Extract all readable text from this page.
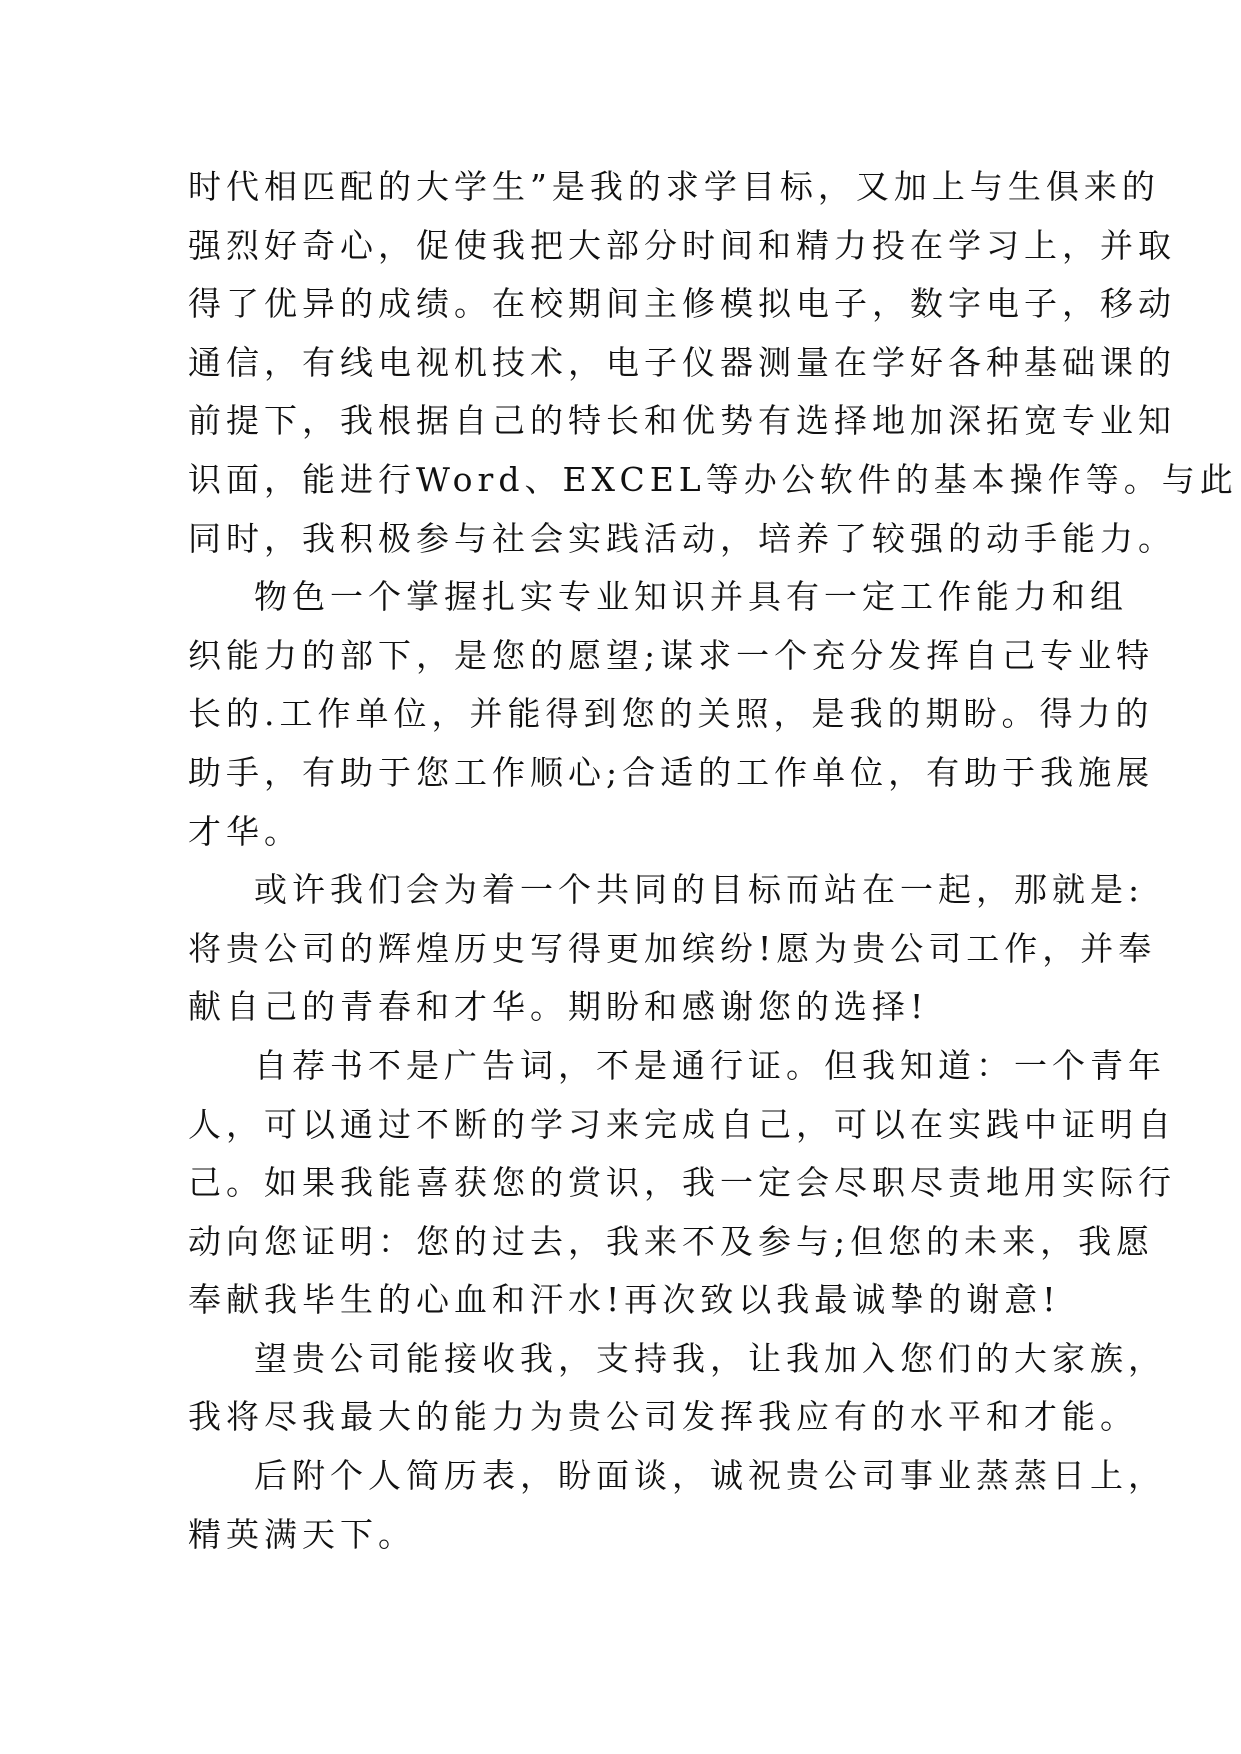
时代相匹配的大学生”是我的求学目标，又加上与生俱来的
强烈好奇心，促使我把大部分时间和精力投在学习上，并取
得了优异的成绩。在校期间主修模拟电子，数字电子，移动
通信，有线电视机技术，电子仪器测量在学好各种基础课的
前提下，我根据自己的特长和优势有选择地加深拓宽专业知
识面，能进行Word、EXCEL等办公软件的基本操作等。与此
同时，我积极参与社会实践活动，培养了较强的动手能力。
物色一个掌握扎实专业知识并具有一定工作能力和组
织能力的部下，是您的愿望;谋求一个充分发挥自己专业特
长的.工作单位，并能得到您的关照，是我的期盼。得力的
助手，有助于您工作顺心;合适的工作单位，有助于我施展
才华。
或许我们会为着一个共同的目标而站在一起，那就是:
将贵公司的辉煌历史写得更加缤纷!愿为贵公司工作，并奉
献自己的青春和才华。期盼和感谢您的选择!
自荐书不是广告词，不是通行证。但我知道：一个青年
人，可以通过不断的学习来完成自己，可以在实践中证明自
己。如果我能喜获您的赏识，我一定会尽职尽责地用实际行
动向您证明：您的过去，我来不及参与;但您的未来，我愿
奉献我毕生的心血和汗水!再次致以我最诚挚的谢意!
望贵公司能接收我，支持我，让我加入您们的大家族，
我将尽我最大的能力为贵公司发挥我应有的水平和才能。
后附个人简历表，盼面谈，诚祝贵公司事业蒸蒸日上，
精英满天下。
